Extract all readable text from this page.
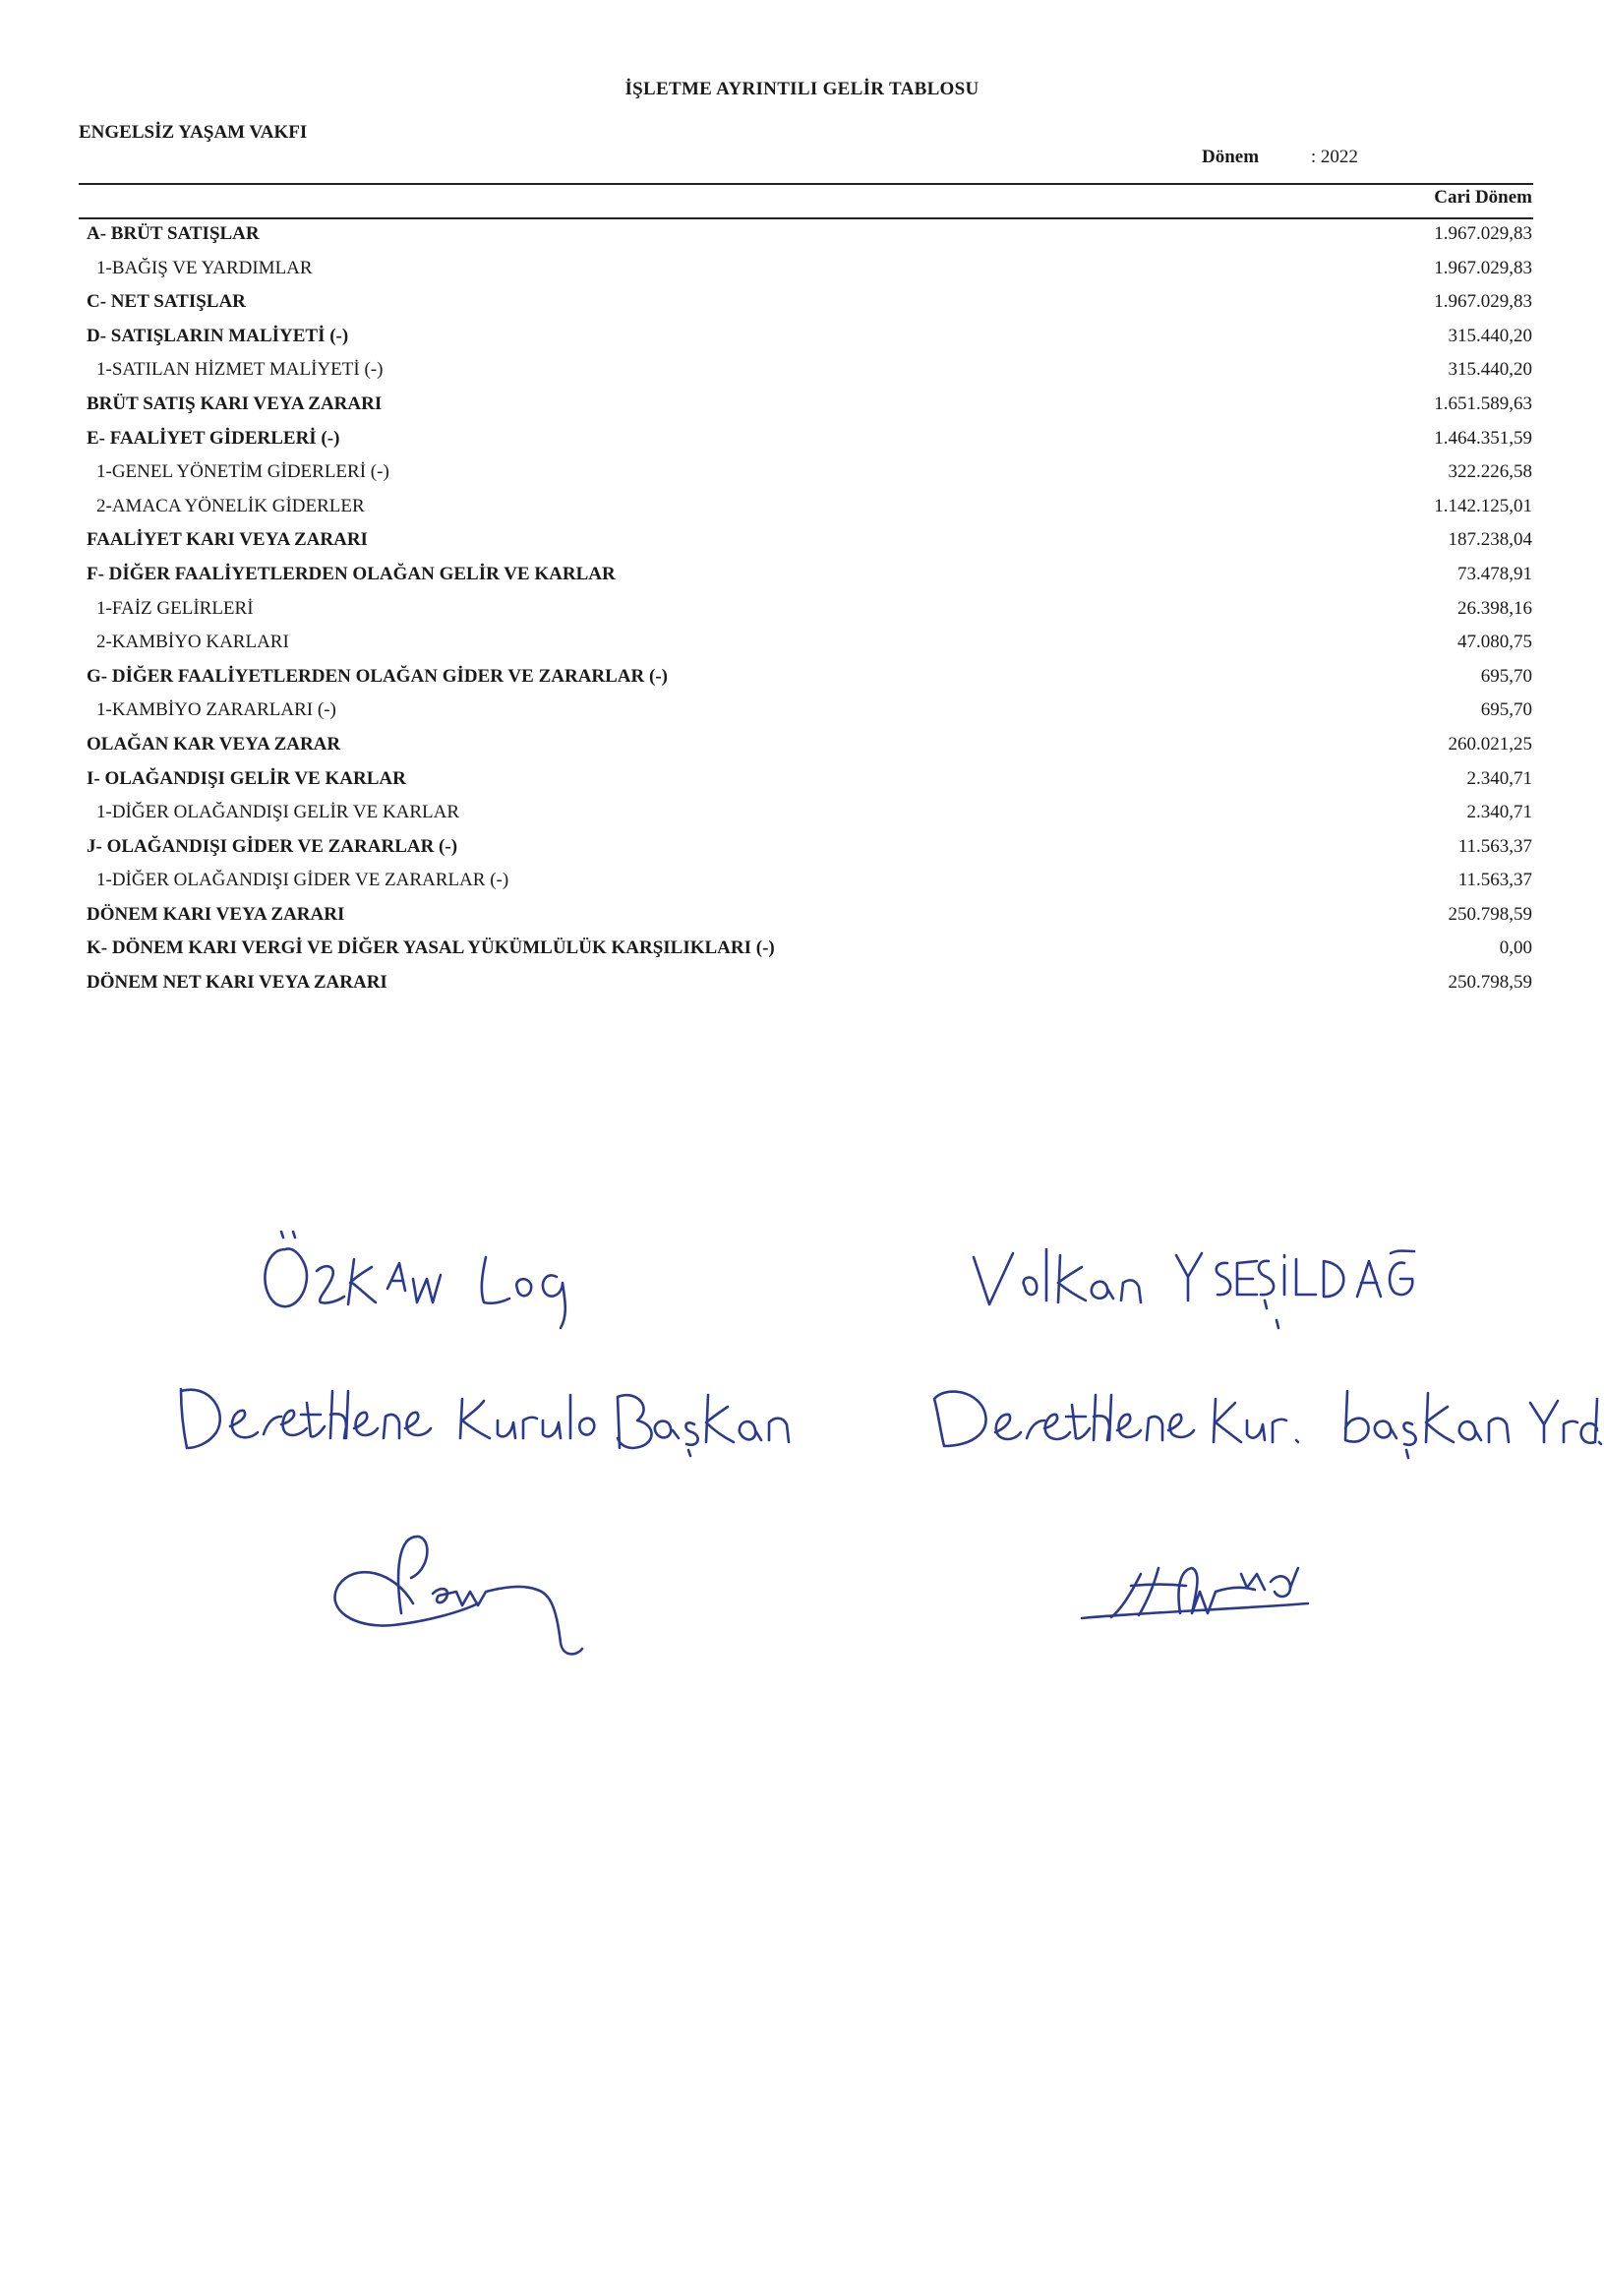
İŞLETME AYRINTILI GELİR TABLOSU
ENGELSİZ YAŞAM VAKFI
Dönem	: 2022
Cari Dönem
A- BRÜT SATIŞLAR	1.967.029,83
1-BAĞIŞ VE YARDIMLAR	1.967.029,83
C- NET SATIŞLAR	1.967.029,83
D- SATIŞLARIN MALİYETİ (-)	315.440,20
1-SATILAN HİZMET MALİYETİ (-)	315.440,20
BRÜT SATIŞ KARI VEYA ZARARI	1.651.589,63
E- FAALİYET GİDERLERİ (-)	1.464.351,59
1-GENEL YÖNETİM GİDERLERİ (-)	322.226,58
2-AMACA YÖNELİK GİDERLER	1.142.125,01
FAALİYET KARI VEYA ZARARI	187.238,04
F- DİĞER FAALİYETLERDEN OLAĞAN GELİR VE KARLAR	73.478,91
1-FAİZ GELİRLERİ	26.398,16
2-KAMBİYO KARLARI	47.080,75
G- DİĞER FAALİYETLERDEN OLAĞAN GİDER VE ZARARLAR (-)	695,70
1-KAMBİYO ZARARLARI (-)	695,70
OLAĞAN KAR VEYA ZARAR	260.021,25
I- OLAĞANDIŞI GELİR VE KARLAR	2.340,71
1-DİĞER OLAĞANDIŞI GELİR VE KARLAR	2.340,71
J- OLAĞANDIŞI GİDER VE ZARARLAR (-)	11.563,37
1-DİĞER OLAĞANDIŞI GİDER VE ZARARLAR (-)	11.563,37
DÖNEM KARI VEYA ZARARI	250.798,59
K- DÖNEM KARI VERGİ VE DİĞER YASAL YÜKÜMLÜLÜK KARŞILIKLARI (-)	0,00
DÖNEM NET KARI VEYA ZARARI	250.798,59
